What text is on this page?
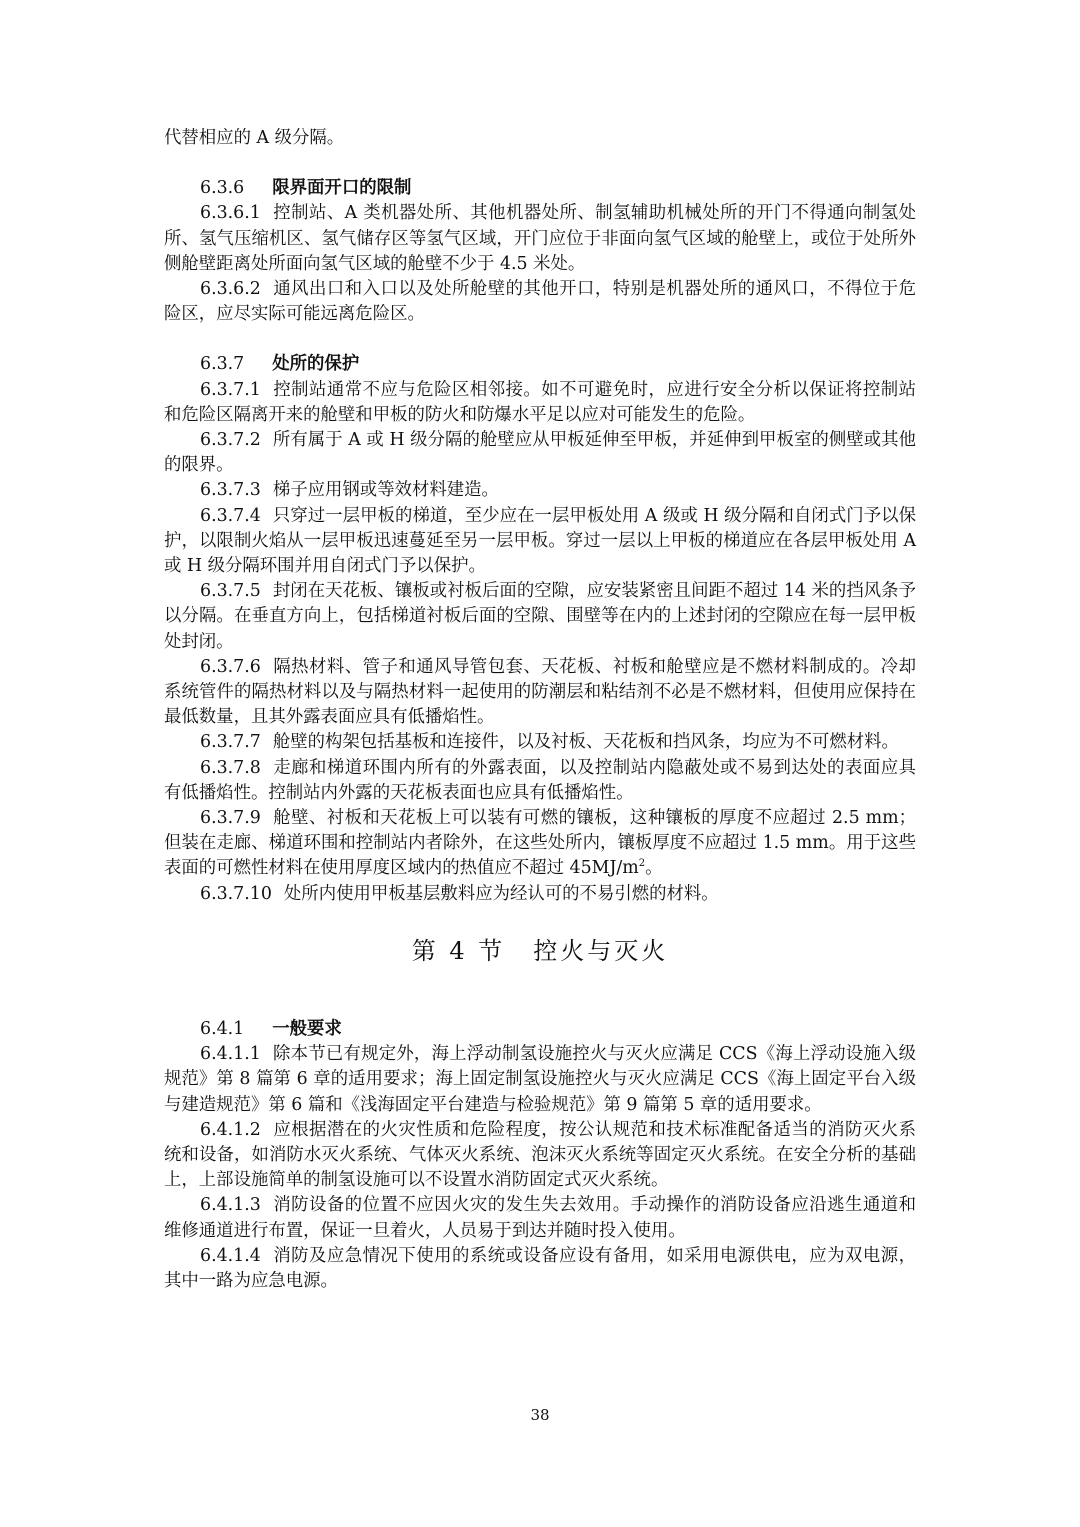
代替相应的 A 级分隔。

6.3.6 限界面开口的限制

6.3.6.1 控制站、A 类机器处所、其他机器处所、制氢辅助机械处所的开门不得通向制氢处所、氢气压缩机区、氢气储存区等氢气区域，开门应位于非面向氢气区域的舱壁上，或位于处所外侧舱壁距离处所面向氢气区域的舱壁不少于 4.5 米处。

6.3.6.2 通风出口和入口以及处所舱壁的其他开口，特别是机器处所的通风口，不得位于危险区，应尽实际可能远离危险区。

6.3.7 处所的保护

6.3.7.1 控制站通常不应与危险区相邻接。如不可避免时，应进行安全分析以保证将控制站和危险区隔离开来的舱壁和甲板的防火和防爆水平足以应对可能发生的危险。

6.3.7.2 所有属于 A 或 H 级分隔的舱壁应从甲板延伸至甲板，并延伸到甲板室的侧壁或其他的限界。

6.3.7.3 梯子应用钢或等效材料建造。

6.3.7.4 只穿过一层甲板的梯道，至少应在一层甲板处用 A 级或 H 级分隔和自闭式门予以保护，以限制火焰从一层甲板迅速蔓延至另一层甲板。穿过一层以上甲板的梯道应在各层甲板处用 A 或 H 级分隔环围并用自闭式门予以保护。

6.3.7.5 封闭在天花板、镶板或衬板后面的空隙，应安装紧密且间距不超过 14 米的挡风条予以分隔。在垂直方向上，包括梯道衬板后面的空隙、围壁等在内的上述封闭的空隙应在每一层甲板处封闭。

6.3.7.6 隔热材料、管子和通风导管包套、天花板、衬板和舱壁应是不燃材料制成的。冷却系统管件的隔热材料以及与隔热材料一起使用的防潮层和粘结剂不必是不燃材料，但使用应保持在最低数量，且其外露表面应具有低播焰性。

6.3.7.7 舱壁的构架包括基板和连接件，以及衬板、天花板和挡风条，均应为不可燃材料。

6.3.7.8 走廊和梯道环围内所有的外露表面，以及控制站内隐蔽处或不易到达处的表面应具有低播焰性。控制站内外露的天花板表面也应具有低播焰性。

6.3.7.9 舱壁、衬板和天花板上可以装有可燃的镶板，这种镶板的厚度不应超过 2.5 mm；但装在走廊、梯道环围和控制站内者除外，在这些处所内，镶板厚度不应超过 1.5 mm。用于这些表面的可燃性材料在使用厚度区域内的热值应不超过 $45MJ/m^2$。

6.3.7.10 处所内使用甲板基层敷料应为经认可的不易引燃的材料。

第 4 节 控火与灭火

6.4.1 一般要求

6.4.1.1 除本节已有规定外，海上浮动制氢设施控火与灭火应满足 CCS《海上浮动设施入级规范》第 8 篇第 6 章的适用要求；海上固定制氢设施控火与灭火应满足 CCS《海上固定平台入级与建造规范》第 6 篇和《浅海固定平台建造与检验规范》第 9 篇第 5 章的适用要求。

6.4.1.2 应根据潜在的火灾性质和危险程度，按公认规范和技术标准配备适当的消防灭火系统和设备，如消防水灭火系统、气体灭火系统、泡沫灭火系统等固定灭火系统。在安全分析的基础上，上部设施简单的制氢设施可以不设置水消防固定式灭火系统。

6.4.1.3 消防设备的位置不应因火灾的发生失去效用。手动操作的消防设备应沿逃生通道和维修通道进行布置，保证一旦着火，人员易于到达并随时投入使用。

6.4.1.4 消防及应急情况下使用的系统或设备应设有备用，如采用电源供电，应为双电源，其中一路为应急电源。

38
